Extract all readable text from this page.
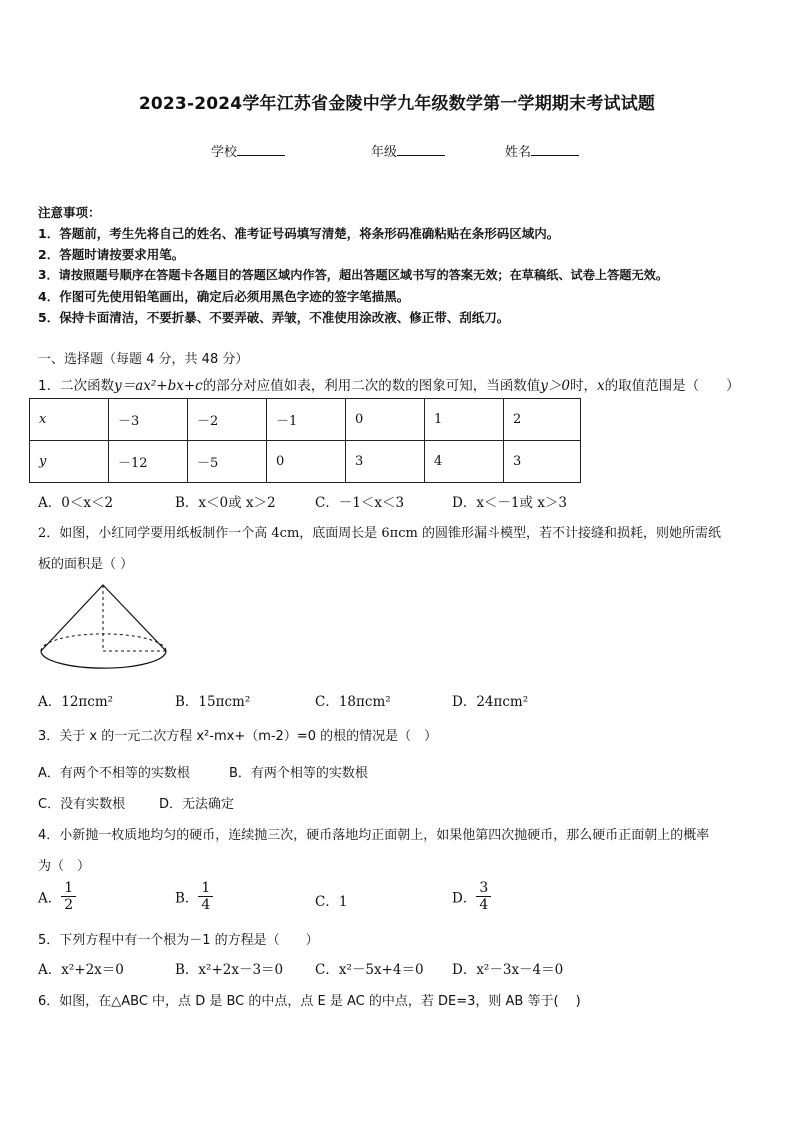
2023-2024学年江苏省金陵中学九年级数学第一学期期末考试试题
学校	年级	姓名
注意事项：
1．答题前，考生先将自己的姓名、准考证号码填写清楚，将条形码准确粘贴在条形码区域内。
2．答题时请按要求用笔。
3．请按照题号顺序在答题卡各题目的答题区域内作答，超出答题区域书写的答案无效；在草稿纸、试卷上答题无效。
4．作图可先使用铅笔画出，确定后必须用黑色字迹的签字笔描黑。
5．保持卡面清洁，不要折暴、不要弄破、弄皱，不准使用涂改液、修正带、刮纸刀。
一、选择题（每题 4 分，共 48 分）
1．二次函数y＝ax²+bx+c的部分对应值如表，利用二次的数的图象可知，当函数值y＞0时，x的取值范围是（　　）
x	－3	－2	－1	0	1	2
y	－12	－5	0	3	4	3
A．0＜x＜2	B．x＜0或 x＞2	C．－1＜x＜3	D．x＜－1或 x＞3
2．如图，小红同学要用纸板制作一个高 4cm，底面周长是 6πcm 的圆锥形漏斗模型，若不计接缝和损耗，则她所需纸
板的面积是（ ）
A．12πcm²	B．15πcm²	C．18πcm²	D．24πcm²
3．关于 x 的一元二次方程 x²-mx+（m-2）=0 的根的情况是（　）
A．有两个不相等的实数根	B．有两个相等的实数根
C．没有实数根	D．无法确定
4．小新抛一枚质地均匀的硬币，连续抛三次，硬币落地均正面朝上，如果他第四次抛硬币，那么硬币正面朝上的概率
为（　）
A． $\frac{1}{2}$	B． $\frac{1}{4}$	C．1	D． $\frac{3}{4}$
5．下列方程中有一个根为－1 的方程是（　　）
A．x²+2x＝0	B．x²+2x－3＝0 C．x²－5x+4＝0 D．x²－3x－4＝0
6．如图，在△ABC 中，点 D 是 BC 的中点，点 E 是 AC 的中点，若 DE=3，则 AB 等于(　 )
